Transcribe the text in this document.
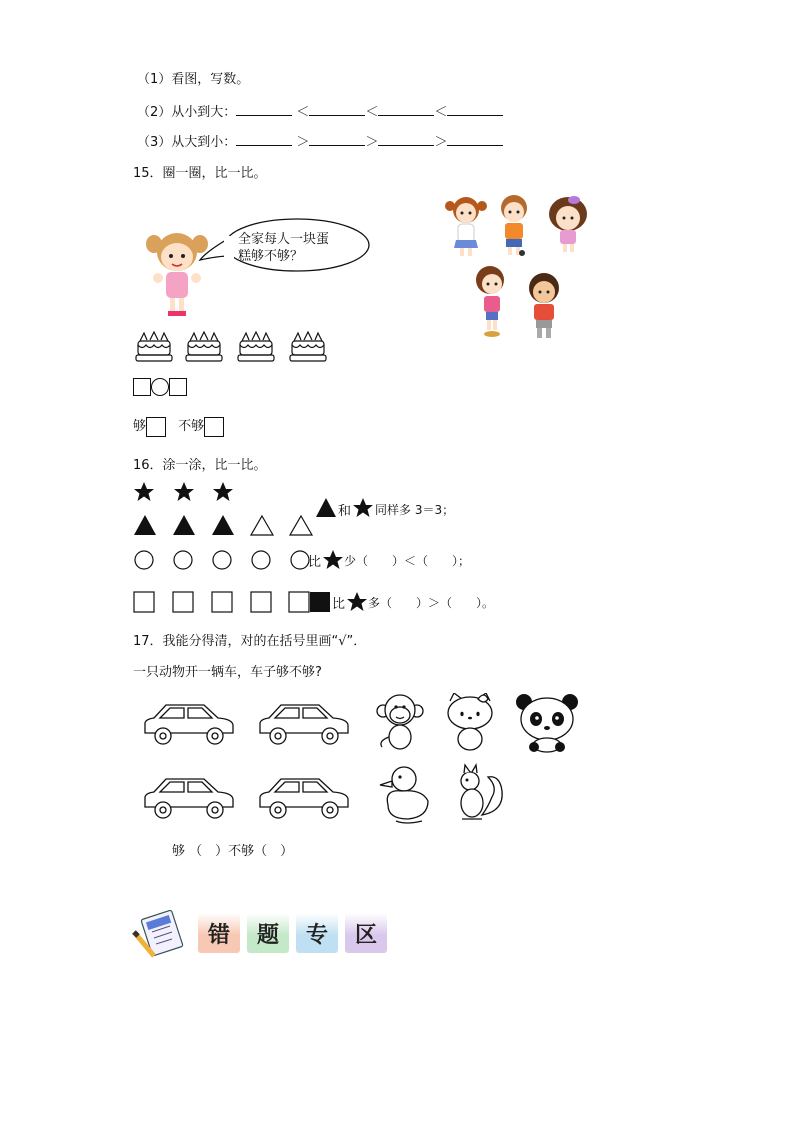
（1）看图，写数。
（2）从小到大：	＜	＜	＜
（3）从大到小：	＞	＞	＞
15．圈一圈，比一比。
全家每人一块蛋
糕够不够？
够 不够
16．涂一涂，比一比。
和 同样多 3＝3；
比 少（　　）＜（　　）；
比 多（　　）＞（　　）。
17．我能分得清，对的在括号里画“√”．
一只动物开一辆车，车子够不够?
够 （　）不够（　）
错	题	专	区
